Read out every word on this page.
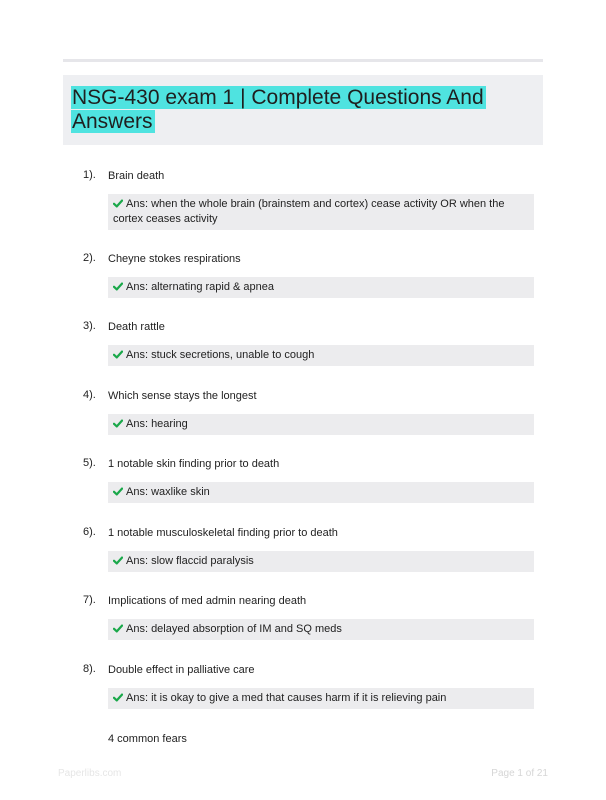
NSG-430 exam 1 | Complete Questions And Answers
1). Brain death
Ans: when the whole brain (brainstem and cortex) cease activity OR when the cortex ceases activity
2). Cheyne stokes respirations
Ans: alternating rapid & apnea
3). Death rattle
Ans: stuck secretions, unable to cough
4). Which sense stays the longest
Ans: hearing
5). 1 notable skin finding prior to death
Ans: waxlike skin
6). 1 notable musculoskeletal finding prior to death
Ans: slow flaccid paralysis
7). Implications of med admin nearing death
Ans: delayed absorption of IM and SQ meds
8). Double effect in palliative care
Ans: it is okay to give a med that causes harm if it is relieving pain
4 common fears
Paperlibs.com	Page 1 of 21
